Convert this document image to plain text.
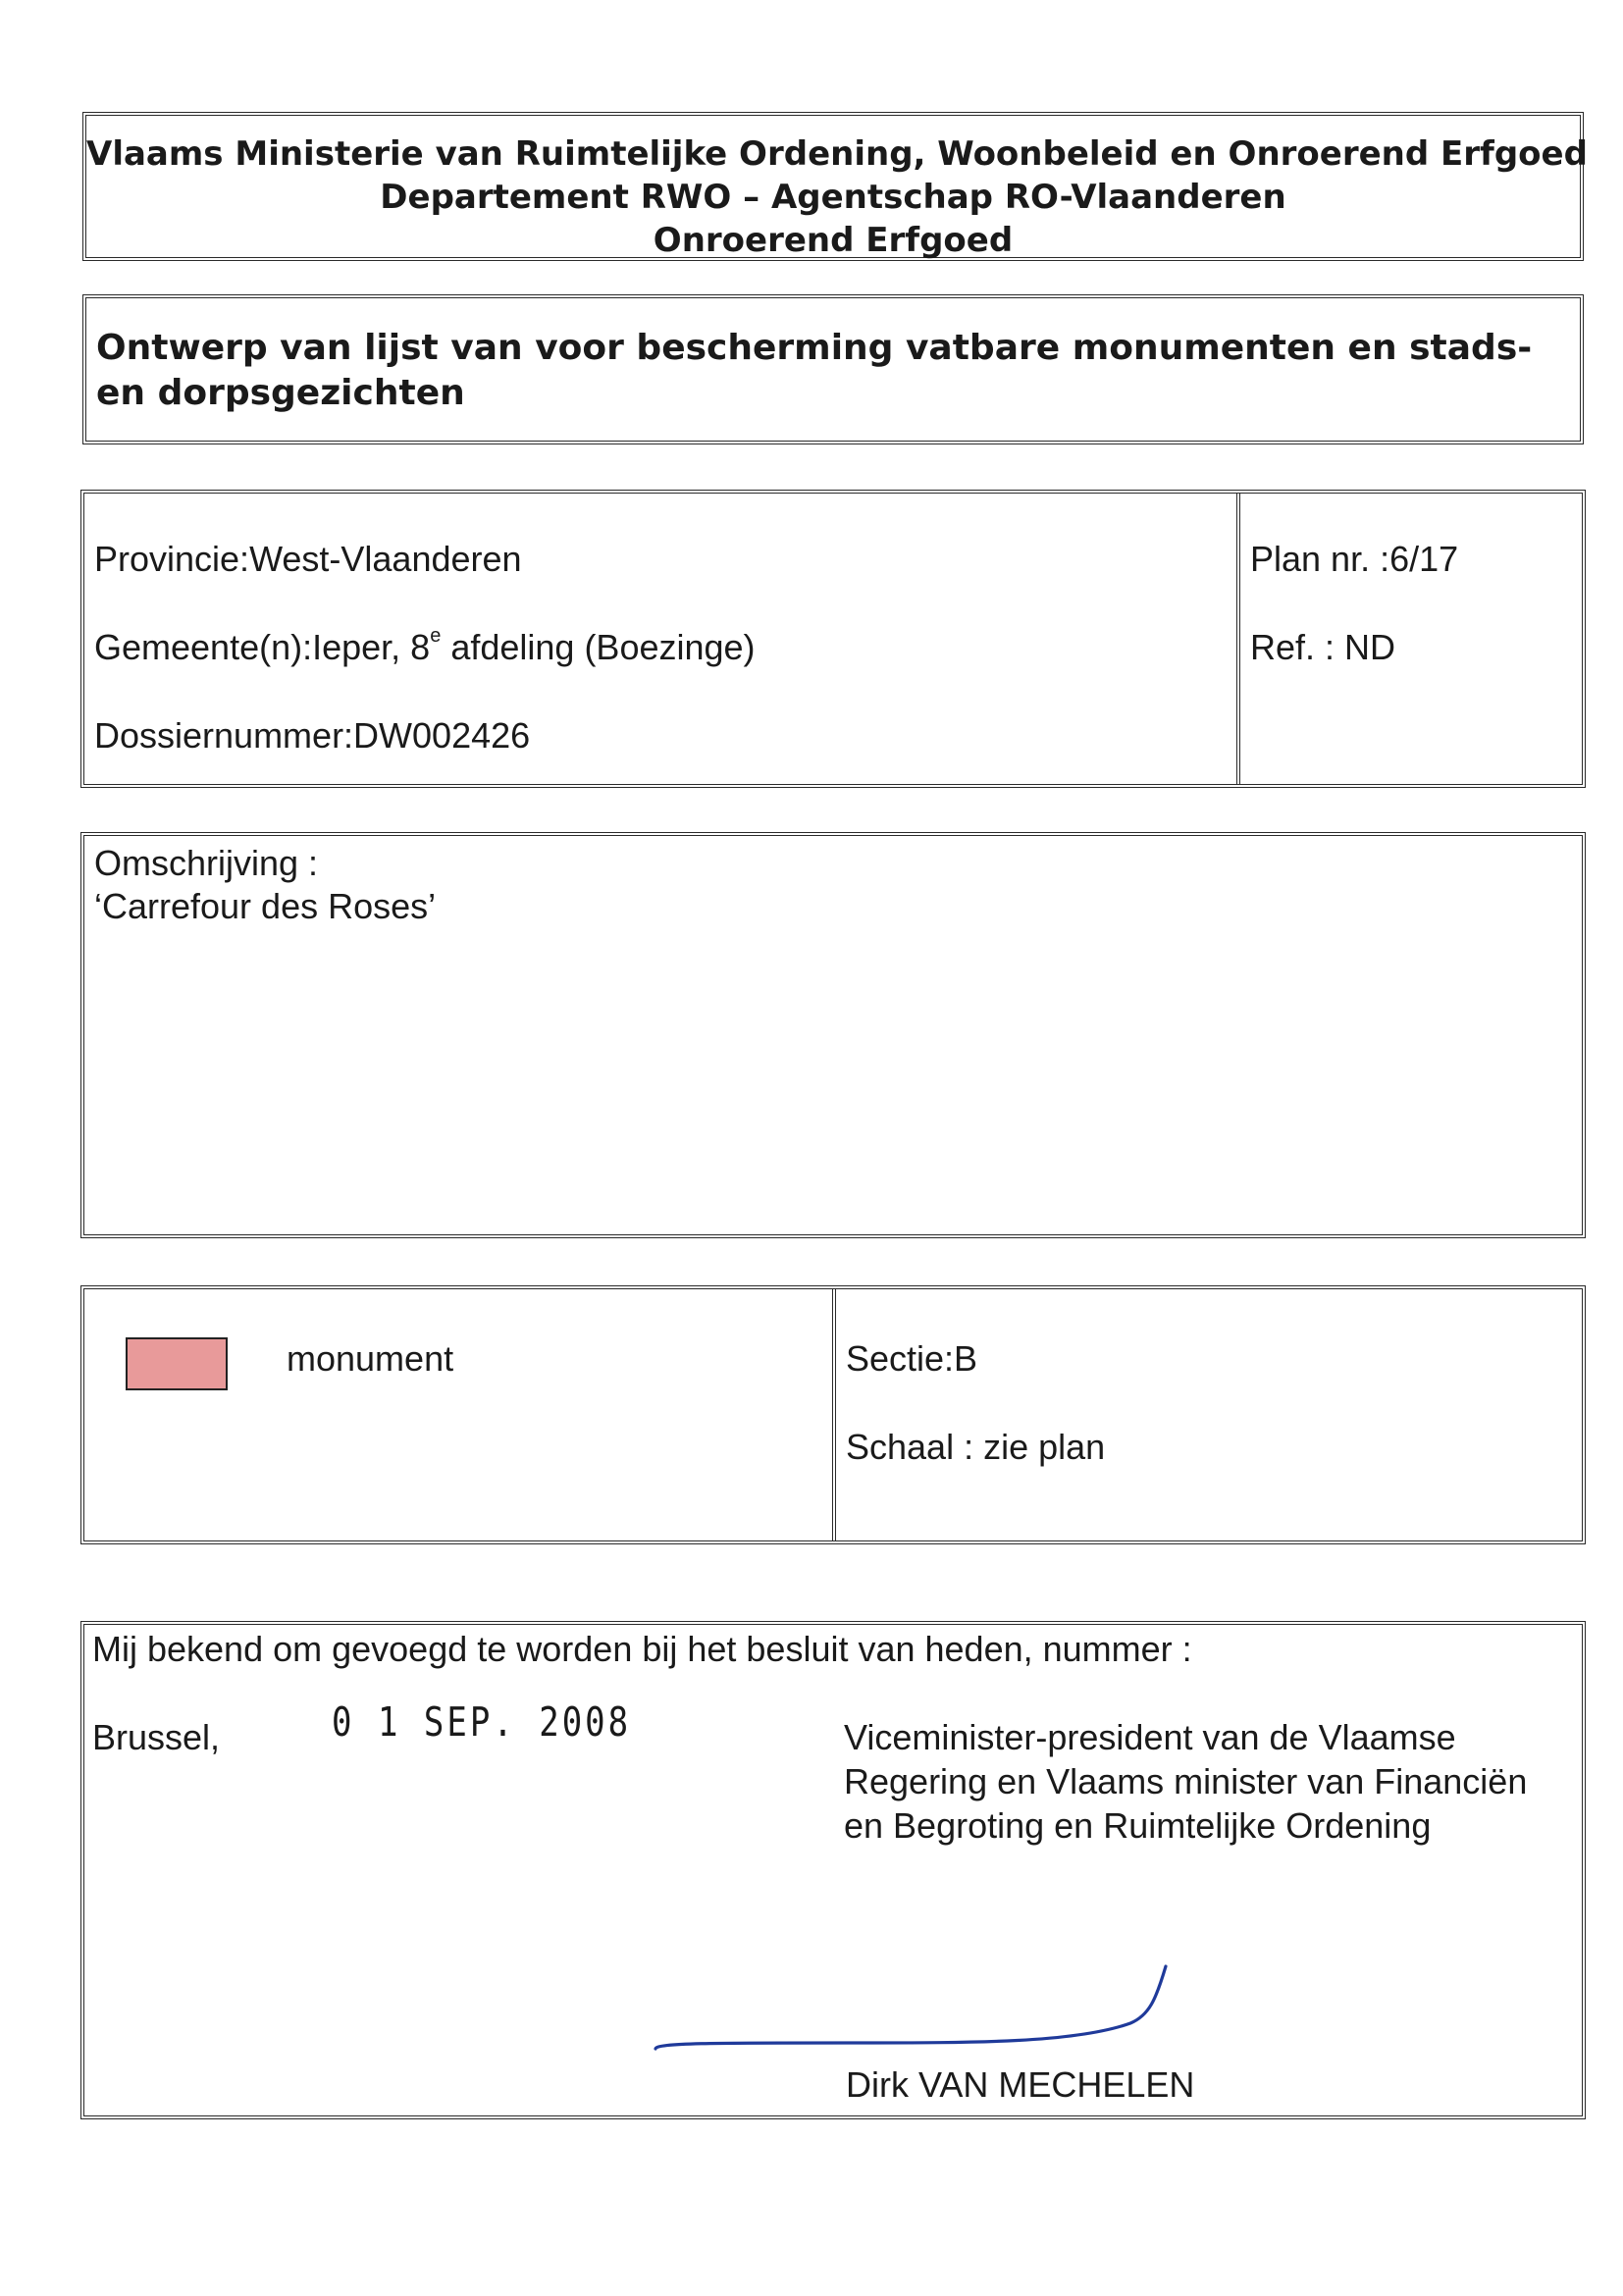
Vlaams Ministerie van Ruimtelijke Ordening, Woonbeleid en Onroerend Erfgoed
Departement RWO – Agentschap RO-Vlaanderen
Onroerend Erfgoed
Ontwerp van lijst van voor bescherming vatbare monumenten en stads- en dorpsgezichten
Provincie:West-Vlaanderen
Gemeente(n):Ieper, 8e afdeling (Boezinge)
Dossiernummer:DW002426
Plan nr. :6/17
Ref. : ND
Omschrijving :
‘Carrefour des Roses’
monument	Sectie:B
Schaal : zie plan
Mij bekend om gevoegd te worden bij het besluit van heden, nummer :
Brussel,	0 1 SEP. 2008	Viceminister-president van de Vlaamse Regering en Vlaams minister van Financiën en Begroting en Ruimtelijke Ordening
Dirk VAN MECHELEN
